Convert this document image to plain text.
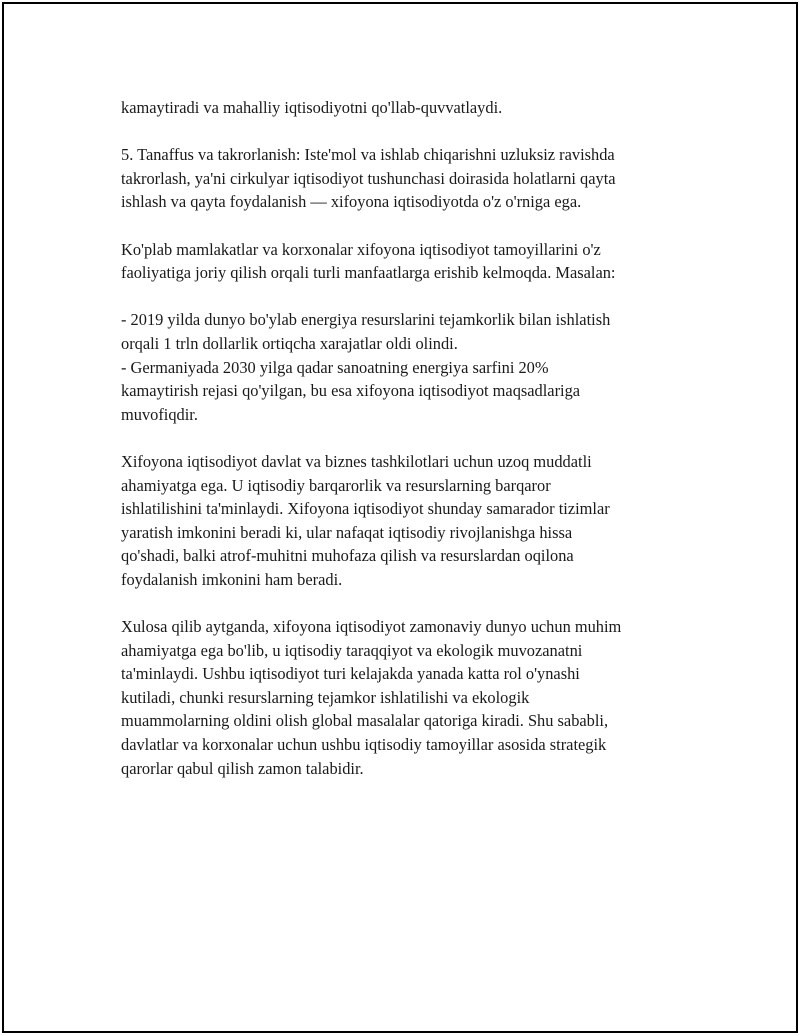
kamaytiradi va mahalliy iqtisodiyotni qo'llab-quvvatlaydi.

5. Tanaffus va takrorlanish: Iste'mol va ishlab chiqarishni uzluksiz ravishda
takrorlash, ya'ni cirkulyar iqtisodiyot tushunchasi doirasida holatlarni qayta
ishlash va qayta foydalanish — xifoyona iqtisodiyotda o'z o'rniga ega.

Ko'plab mamlakatlar va korxonalar xifoyona iqtisodiyot tamoyillarini o'z
faoliyatiga joriy qilish orqali turli manfaatlarga erishib kelmoqda. Masalan:

- 2019 yilda dunyo bo'ylab energiya resurslarini tejamkorlik bilan ishlatish
orqali 1 trln dollarlik ortiqcha xarajatlar oldi olindi.
- Germaniyada 2030 yilga qadar sanoatning energiya sarfini 20%
kamaytirish rejasi qo'yilgan, bu esa xifoyona iqtisodiyot maqsadlariga
muvofiqdir.

Xifoyona iqtisodiyot davlat va biznes tashkilotlari uchun uzoq muddatli
ahamiyatga ega. U iqtisodiy barqarorlik va resurslarning barqaror
ishlatilishini ta'minlaydi. Xifoyona iqtisodiyot shunday samarador tizimlar
yaratish imkonini beradi ki, ular nafaqat iqtisodiy rivojlanishga hissa
qo'shadi, balki atrof-muhitni muhofaza qilish va resurslardan oqilona
foydalanish imkonini ham beradi.

Xulosa qilib aytganda, xifoyona iqtisodiyot zamonaviy dunyo uchun muhim
ahamiyatga ega bo'lib, u iqtisodiy taraqqiyot va ekologik muvozanatni
ta'minlaydi. Ushbu iqtisodiyot turi kelajakda yanada katta rol o'ynashi
kutiladi, chunki resurslarning tejamkor ishlatilishi va ekologik
muammolarning oldini olish global masalalar qatoriga kiradi. Shu sababli,
davlatlar va korxonalar uchun ushbu iqtisodiy tamoyillar asosida strategik
qarorlar qabul qilish zamon talabidir.
